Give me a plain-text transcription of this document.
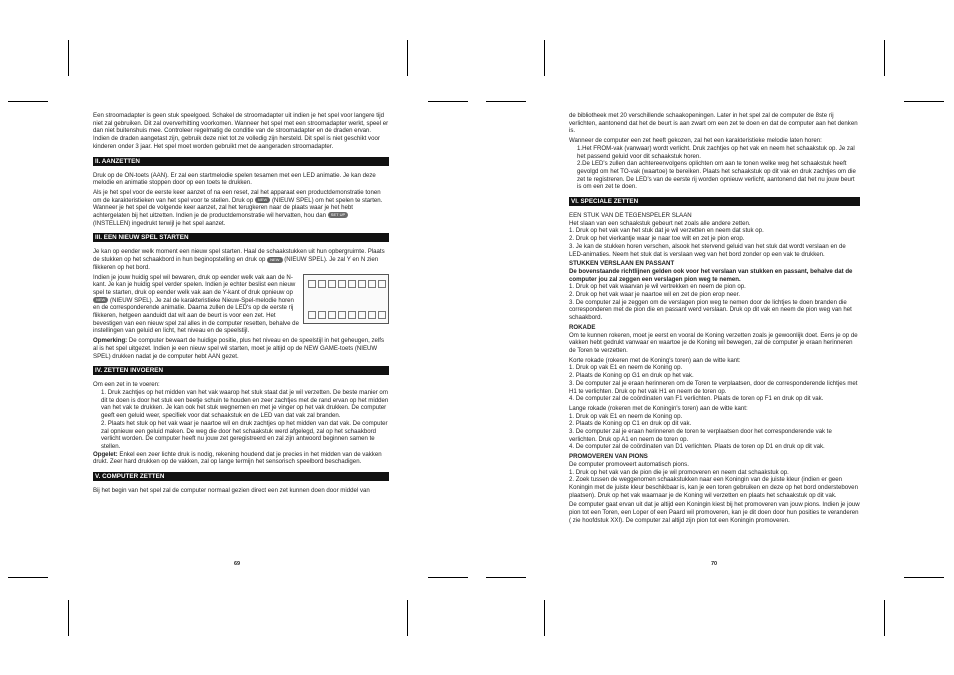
Een stroomadapter is geen stuk speelgoed. Schakel de stroomadapter uit indien je het spel voor langere tijd niet zal gebruiken. Dit zal oververhitting voorkomen. Wanneer het spel met een stroomadapter werkt, speel er dan niet buitenshuis mee. Controleer regelmatig de conditie van de stroomadapter en de draden ervan. Indien de draden aangetast zijn, gebruik deze niet tot ze volledig zijn hersteld. Dit spel is niet geschikt voor kinderen onder 3 jaar. Het spel moet worden gebruikt met de aangeraden stroomadapter.

II. AANZETTEN

Druk op de ON-toets (AAN). Er zal een startmelodie spelen tesamen met een LED animatie. Je kan deze melodie en animatie stoppen door op een toets te drukken.

Als je het spel voor de eerste keer aanzet of na een reset, zal het apparaat een productdemonstratie tonen om de karakteristieken van het spel voor te stellen. Druk op NEW (NIEUW SPEL) om het spelen te starten.
Wanneer je het spel de volgende keer aanzet, zal het terugkeren naar de plaats waar je het hebt achtergelaten bij het uitzetten. Indien je de productdemonstratie wil hervatten, hou dan SET UP
(INSTELLEN) ingedrukt terwijl je het spel aanzet.

III. EEN NIEUW SPEL STARTEN

Je kan op eender welk moment een nieuw spel starten. Haal de schaakstukken uit hun opbergruimte. Plaats de stukken op het schaakbord in hun beginopstelling en druk op NEW (NIEUW SPEL). Je zal Y en N zien flikkeren op het bord.

Indien je jouw huidig spel wil bewaren, druk op eender welk vak aan de N-kant. Je kan je huidig spel verder spelen. Indien je echter beslist een nieuw spel te starten, druk op eender welk vak aan de Y-kant of druk opnieuw op NEW (NIEUW SPEL). Je zal de karakteristieke Nieuw-Spel-melodie horen en de corresponderende animatie. Daarna zullen de LED's op de eerste rij flikkeren, hetgeen aanduidt dat wit aan de beurt is voor een zet. Het bevestigen van een nieuw spel zal alles in de computer resetten, behalve de instellingen van geluid en licht, het niveau en de speelstijl.

Opmerking: De computer bewaart de huidige positie, plus het niveau en de speelstijl in het geheugen, zelfs al is het spel uitgezet. Indien je een nieuw spel wil starten, moet je altijd op de NEW GAME-toets (NIEUW SPEL) drukken nadat je de computer hebt AAN gezet.

IV. ZETTEN INVOEREN

Om een zet in te voeren:

1. Druk zachtjes op het midden van het vak waarop het stuk staat dat je wil verzetten. De beste manier om dit te doen is door het stuk een beetje schuin te houden en zeer zachtjes met de rand ervan op het midden van het vak te drukken. Je kan ook het stuk wegnemen en met je vinger op het vak drukken. De computer geeft een geluid weer, specifiek voor dat schaakstuk en de LED van dat vak zal branden.

2. Plaats het stuk op het vak waar je naartoe wil en druk zachtjes op het midden van dat vak. De computer zal opnieuw een geluid maken. De weg die door het schaakstuk werd afgelegd, zal op het schaakbord verlicht worden. De computer heeft nu jouw zet geregistreerd en zal zijn antwoord beginnen samen te stellen.

Opgelet: Enkel een zeer lichte druk is nodig, rekening houdend dat je precies in het midden van de vakken drukt. Zeer hard drukken op de vakken, zal op lange termijn het sensorisch speelbord beschadigen.

V. COMPUTER ZETTEN

Bij het begin van het spel zal de computer normaal gezien direct een zet kunnen doen door middel van

69

de bibliotheek met 20 verschillende schaakopeningen. Later in het spel zal de computer de 8ste rij verlichten, aantonend dat het de beurt is aan zwart om een zet te doen en dat de computer aan het denken is.

Wanneer de computer een zet heeft gekozen, zal het een karakteristieke melodie laten horen:

1.Het FROM-vak (vanwaar) wordt verlicht. Druk zachtjes op het vak en neem het schaakstuk op. Je zal het passend geluid voor dit schaakstuk horen.

2.De LED's zullen dan achtereenvolgens oplichten om aan te tonen welke weg het schaakstuk heeft gevolgd om het TO-vak (waartoe) te bereiken. Plaats het schaakstuk op dit vak en druk zachtjes om die zet te registreren. De LED's van de eerste rij worden opnieuw verlicht, aantonend dat het nu jouw beurt is om een zet te doen.

VI. SPECIALE ZETTEN

EEN STUK VAN DE TEGENSPELER SLAAN

Het slaan van een schaakstuk gebeurt net zoals alle andere zetten.

1. Druk op het vak van het stuk dat je wil verzetten en neem dat stuk op.

2. Druk op het vierkantje waar je naar toe wilt en zet je pion erop.

3. Je kan de stukken horen verschen, alsook het stervend geluid van het stuk dat wordt verslaan en de LED-animaties. Neem het stuk dat is verslaan weg van het bord zonder op een vak te drukken.

STUKKEN VERSLAAN EN PASSANT

De bovenstaande richtlijnen gelden ook voor het verslaan van stukken en passant, behalve dat de computer jou zal zeggen een verslagen pion weg te nemen.

1. Druk op het vak waarvan je wil vertrekken en neem de pion op.

2. Druk op het vak waar je naartoe wil en zet de pion erop neer.

3. De computer zal je zeggen om de verslagen pion weg te nemen door de lichtjes te doen branden die corresponderen met de pion die en passant werd verslaan. Druk op dit vak en neem de pion weg van het schaakbord.

ROKADE

Om te kunnen rokeren, moet je eerst en vooral de Koning verzetten zoals je gewoonlijk doet. Eens je op de vakken hebt gedrukt vanwaar en waartoe je de Koning wil bewegen, zal de computer je eraan herinneren de Toren te verzetten.

Korte rokade (rokeren met de Koning's toren) aan de witte kant:

1. Druk op vak E1 en neem de Koning op.

2. Plaats de Koning op G1 en druk op het vak.

3. De computer zal je eraan herinneren om de Toren te verplaatsen, door de corresponderende lichtjes met H1 te verlichten. Druk op het vak H1 en neem de toren op.

4. De computer zal de coördinaten van F1 verlichten. Plaats de toren op F1 en druk op dit vak.

Lange rokade (rokeren met de Koningin's toren) aan de witte kant:

1. Druk op vak E1 en neem de Koning op.

2. Plaats de Koning op C1 en druk op dit vak.

3. De computer zal je eraan herinneren de toren te verplaatsen door het corresponderende vak te verlichten. Druk op A1 en neem de toren op.

4. De computer zal de coördinaten van D1 verlichten. Plaats de toren op D1 en druk op dit vak.

PROMOVEREN VAN PIONS

De computer promoveert automatisch pions.

1. Druk op het vak van de pion die je wil promoveren en neem dat schaakstuk op.

2. Zoek tussen de weggenomen schaakstukken naar een Koningin van de juiste kleur (indien er geen Koningin met de juiste kleur beschikbaar is, kan je een toren gebruiken en deze op het bord ondersteboven plaatsen). Druk op het vak waarnaar je de Koning wil verzetten en plaats het schaakstuk op dit vak.

De computer gaat ervan uit dat je altijd een Koningin kiest bij het promoveren van jouw pions. Indien je jouw pion tot een Toren, een Loper of een Paard wil promoveren, kan je dit doen door hun posities te veranderen ( zie hoofdstuk XXI). De computer zal altijd zijn pion tot een Koningin promoveren.

70
